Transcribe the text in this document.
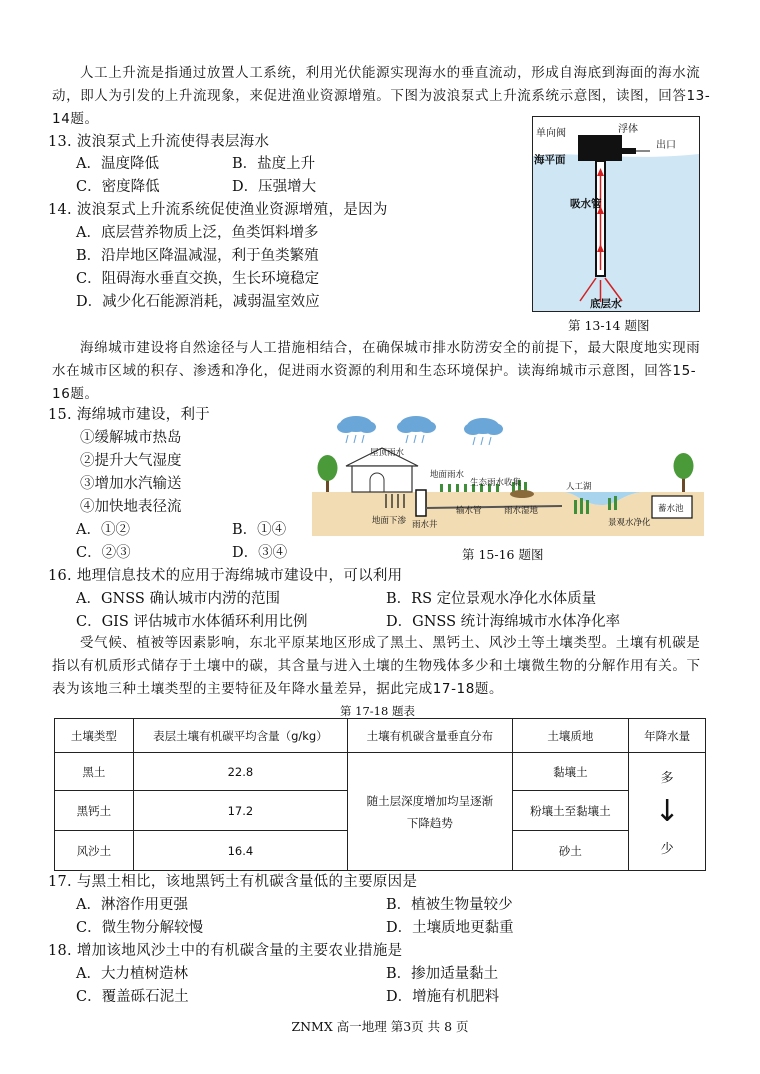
人工上升流是指通过放置人工系统，利用光伏能源实现海水的垂直流动，形成自海底到海面的海水流动，即人为引发的上升流现象，来促进渔业资源增殖。下图为波浪泵式上升流系统示意图，读图，回答13-14题。
13. 波浪泵式上升流使得表层海水
A．温度降低	B．盐度上升
C．密度降低	D．压强增大
14. 波浪泵式上升流系统促使渔业资源增殖，是因为
A．底层营养物质上泛，鱼类饵料增多
B．沿岸地区降温减湿，利于鱼类繁殖
C．阻碍海水垂直交换，生长环境稳定
D．减少化石能源消耗，减弱温室效应
单向阀	浮体
出口
海平面
吸水管
底层水
第 13-14 题图
海绵城市建设将自然途径与人工措施相结合，在确保城市排水防涝安全的前提下，最大限度地实现雨水在城市区域的积存、渗透和净化，促进雨水资源的利用和生态环境保护。读海绵城市示意图，回答15-16题。
15. 海绵城市建设，利于
①缓解城市热岛
②提升大气湿度
③增加水汽输送
④加快地表径流
A．①②	B．①④
C．②③	D．③④
屋顶雨水
地面雨水
生态雨水收集	人工湖
地面下渗 雨水井
输水管	雨水湿地
景观水净化
蓄水池
第 15-16 题图
16. 地理信息技术的应用于海绵城市建设中，可以利用
A．GNSS 确认城市内涝的范围	B．RS 定位景观水净化水体质量
C．GIS 评估城市水体循环利用比例	D．GNSS 统计海绵城市水体净化率
受气候、植被等因素影响，东北平原某地区形成了黑土、黑钙土、风沙土等土壤类型。土壤有机碳是指以有机质形式储存于土壤中的碳，其含量与进入土壤的生物残体多少和土壤微生物的分解作用有关。下表为该地三种土壤类型的主要特征及年降水量差异，据此完成17-18题。
第 17-18 题表
土壤类型	表层土壤有机碳平均含量（g/kg）	土壤有机碳含量垂直分布	土壤质地	年降水量
黑土	22.8	随土层深度增加均呈逐渐下降趋势	黏壤土	多
↓
少

黑钙土	17.2		粉壤土至黏壤土	
风沙土	16.4		砂土	
17. 与黑土相比，该地黑钙土有机碳含量低的主要原因是
A．淋溶作用更强	B．植被生物量较少
C．微生物分解较慢	D．土壤质地更黏重
18. 增加该地风沙土中的有机碳含量的主要农业措施是
A．大力植树造林	B．掺加适量黏土
C．覆盖砾石泥土	D．增施有机肥料
ZNMX 高一地理 第3页 共 8 页
